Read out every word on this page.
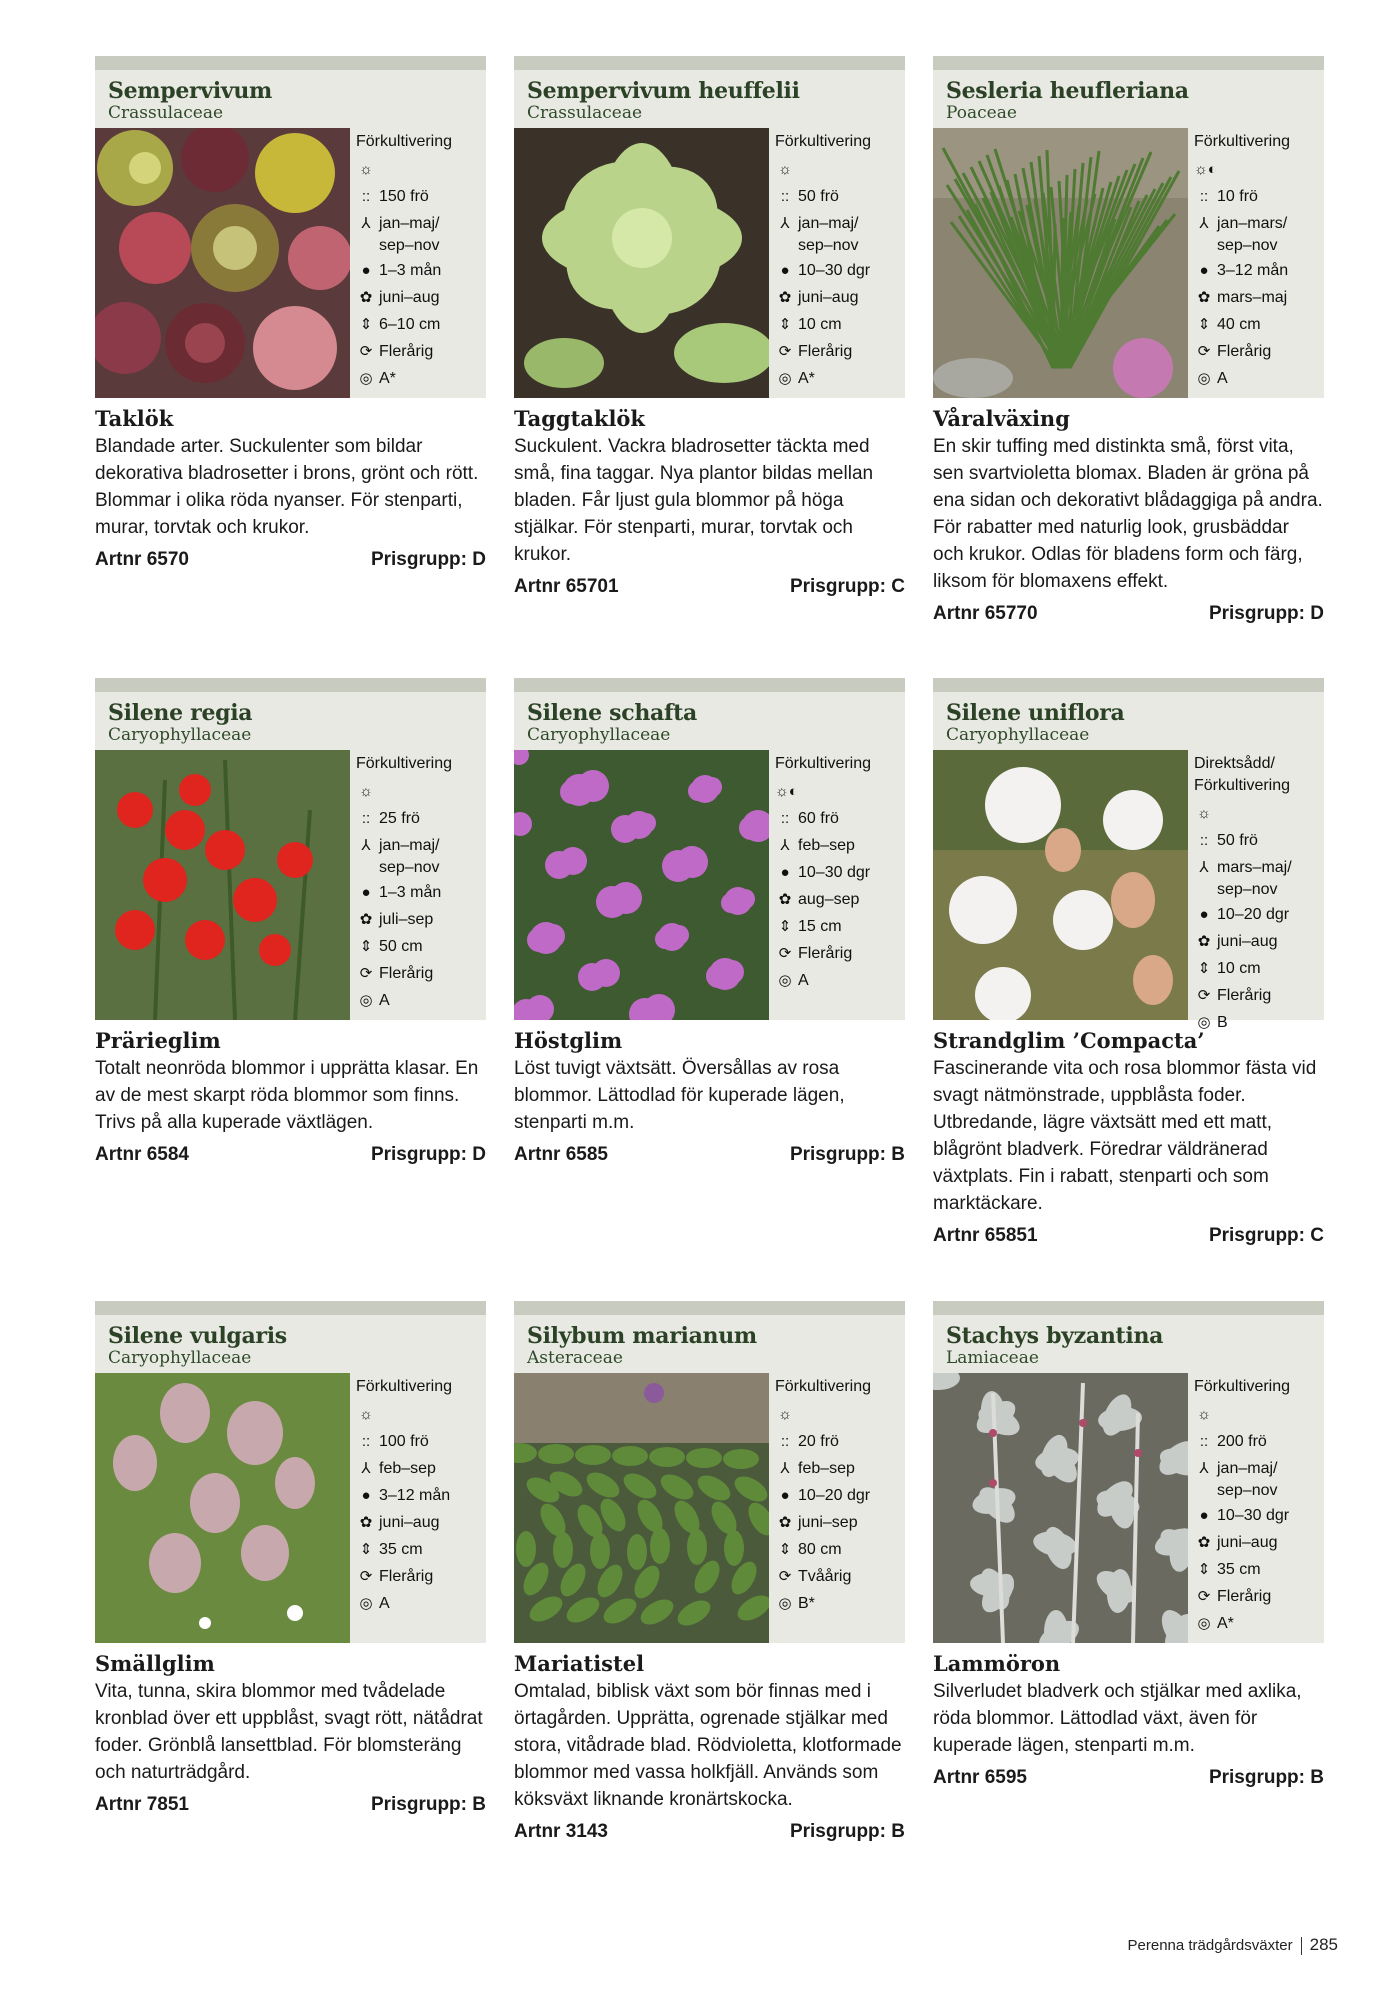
Sempervivum
Crassulaceae
Förkultivering
☼
:: 150 frö
⅄ jan–maj/
sep–nov
● 1–3 mån
✿ juni–aug
⇕ 6–10 cm
⟳ Flerårig
◎ A*
Taklök
Blandade arter. Suckulenter som bildar dekorativa bladrosetter i brons, grönt och rött. Blommar i olika röda nyanser. För stenparti, murar, torvtak och krukor.
Artnr 6570	Prisgrupp: D
Sempervivum heuffelii
Crassulaceae
Förkultivering
☼
:: 50 frö
⅄ jan–maj/
sep–nov
● 10–30 dgr
✿ juni–aug
⇕ 10 cm
⟳ Flerårig
◎ A*
Taggtaklök
Suckulent. Vackra bladrosetter täckta med små, fina taggar. Nya plantor bildas mellan bladen. Får ljust gula blommor på höga stjälkar. För stenparti, murar, torvtak och krukor.
Artnr 65701	Prisgrupp: C
Sesleria heufleriana
Poaceae
Förkultivering
☼◐
:: 10 frö
⅄ jan–mars/
sep–nov
● 3–12 mån
✿ mars–maj
⇕ 40 cm
⟳ Flerårig
◎ A
Våralväxing
En skir tuffing med distinkta små, först vita, sen svartvioletta blomax. Bladen är gröna på ena sidan och dekorativt blådaggiga på andra. För rabatter med naturlig look, grusbäddar och krukor. Odlas för bladens form och färg, liksom för blomaxens effekt.
Artnr 65770	Prisgrupp: D
Silene regia
Caryophyllaceae
Förkultivering
☼
:: 25 frö
⅄ jan–maj/
sep–nov
● 1–3 mån
✿ juli–sep
⇕ 50 cm
⟳ Flerårig
◎ A
Prärieglim
Totalt neonröda blommor i upprätta klasar. En av de mest skarpt röda blommor som finns. Trivs på alla kuperade växtlägen.
Artnr 6584	Prisgrupp: D
Silene schafta
Caryophyllaceae
Förkultivering
☼◐
:: 60 frö
⅄ feb–sep
● 10–30 dgr
✿ aug–sep
⇕ 15 cm
⟳ Flerårig
◎ A
Höstglim
Löst tuvigt växtsätt. Översållas av rosa blommor. Lättodlad för kuperade lägen, stenparti m.m.
Artnr 6585	Prisgrupp: B
Silene uniflora
Caryophyllaceae
Direktsådd/
Förkultivering
☼
:: 50 frö
⅄ mars–maj/
sep–nov
● 10–20 dgr
✿ juni–aug
⇕ 10 cm
⟳ Flerårig
◎ B
Strandglim ’Compacta’
Fascinerande vita och rosa blommor fästa vid svagt nätmönstrade, uppblåsta foder. Utbredande, lägre växtsätt med ett matt, blågrönt bladverk. Föredrar väldränerad växtplats. Fin i rabatt, stenparti och som marktäckare.
Artnr 65851	Prisgrupp: C
Silene vulgaris
Caryophyllaceae
Förkultivering
☼
:: 100 frö
⅄ feb–sep
● 3–12 mån
✿ juni–aug
⇕ 35 cm
⟳ Flerårig
◎ A
Smällglim
Vita, tunna, skira blommor med tvådelade kronblad över ett uppblåst, svagt rött, nätådrat foder. Grönblå lansettblad. För blomsteräng och naturträdgård.
Artnr 7851	Prisgrupp: B
Silybum marianum
Asteraceae
Förkultivering
☼
:: 20 frö
⅄ feb–sep
● 10–20 dgr
✿ juni–sep
⇕ 80 cm
⟳ Tvåårig
◎ B*
Mariatistel
Omtalad, biblisk växt som bör finnas med i örtagården. Upprätta, ogrenade stjälkar med stora, vitådrade blad. Rödvioletta, klotformade blommor med vassa holkfjäll. Används som köksväxt liknande kronärtskocka.
Artnr 3143	Prisgrupp: B
Stachys byzantina
Lamiaceae
Förkultivering
☼
:: 200 frö
⅄ jan–maj/
sep–nov
● 10–30 dgr
✿ juni–aug
⇕ 35 cm
⟳ Flerårig
◎ A*
Lammöron
Silverludet bladverk och stjälkar med axlika, röda blommor. Lättodlad växt, även för kuperade lägen, stenparti m.m.
Artnr 6595	Prisgrupp: B
Perenna trädgårdsväxter 285
